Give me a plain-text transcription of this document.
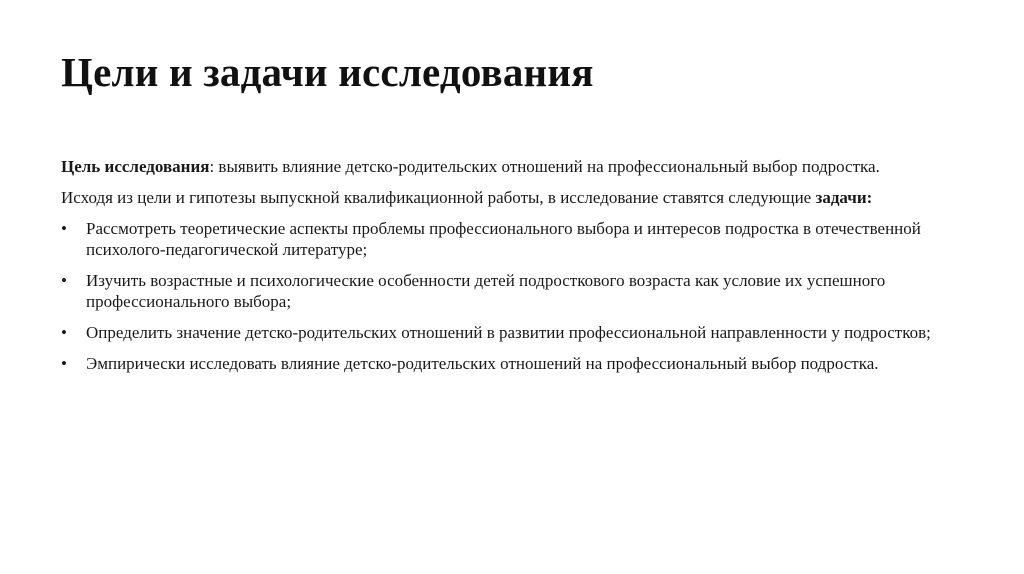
Цели и задачи исследования

Цель исследования: выявить влияние детско-родительских отношений на профессиональный выбор подростка.

Исходя из цели и гипотезы выпускной квалификационной работы, в исследование ставятся следующие задачи:

• Рассмотреть теоретические аспекты проблемы профессионального выбора и интересов подростка в отечественной психолого-педагогической литературе;
• Изучить возрастные и психологические особенности детей подросткового возраста как условие их успешного профессионального выбора;
• Определить значение детско-родительских отношений в развитии профессиональной направленности у подростков;
• Эмпирически исследовать влияние детско-родительских отношений на профессиональный выбор подростка.
